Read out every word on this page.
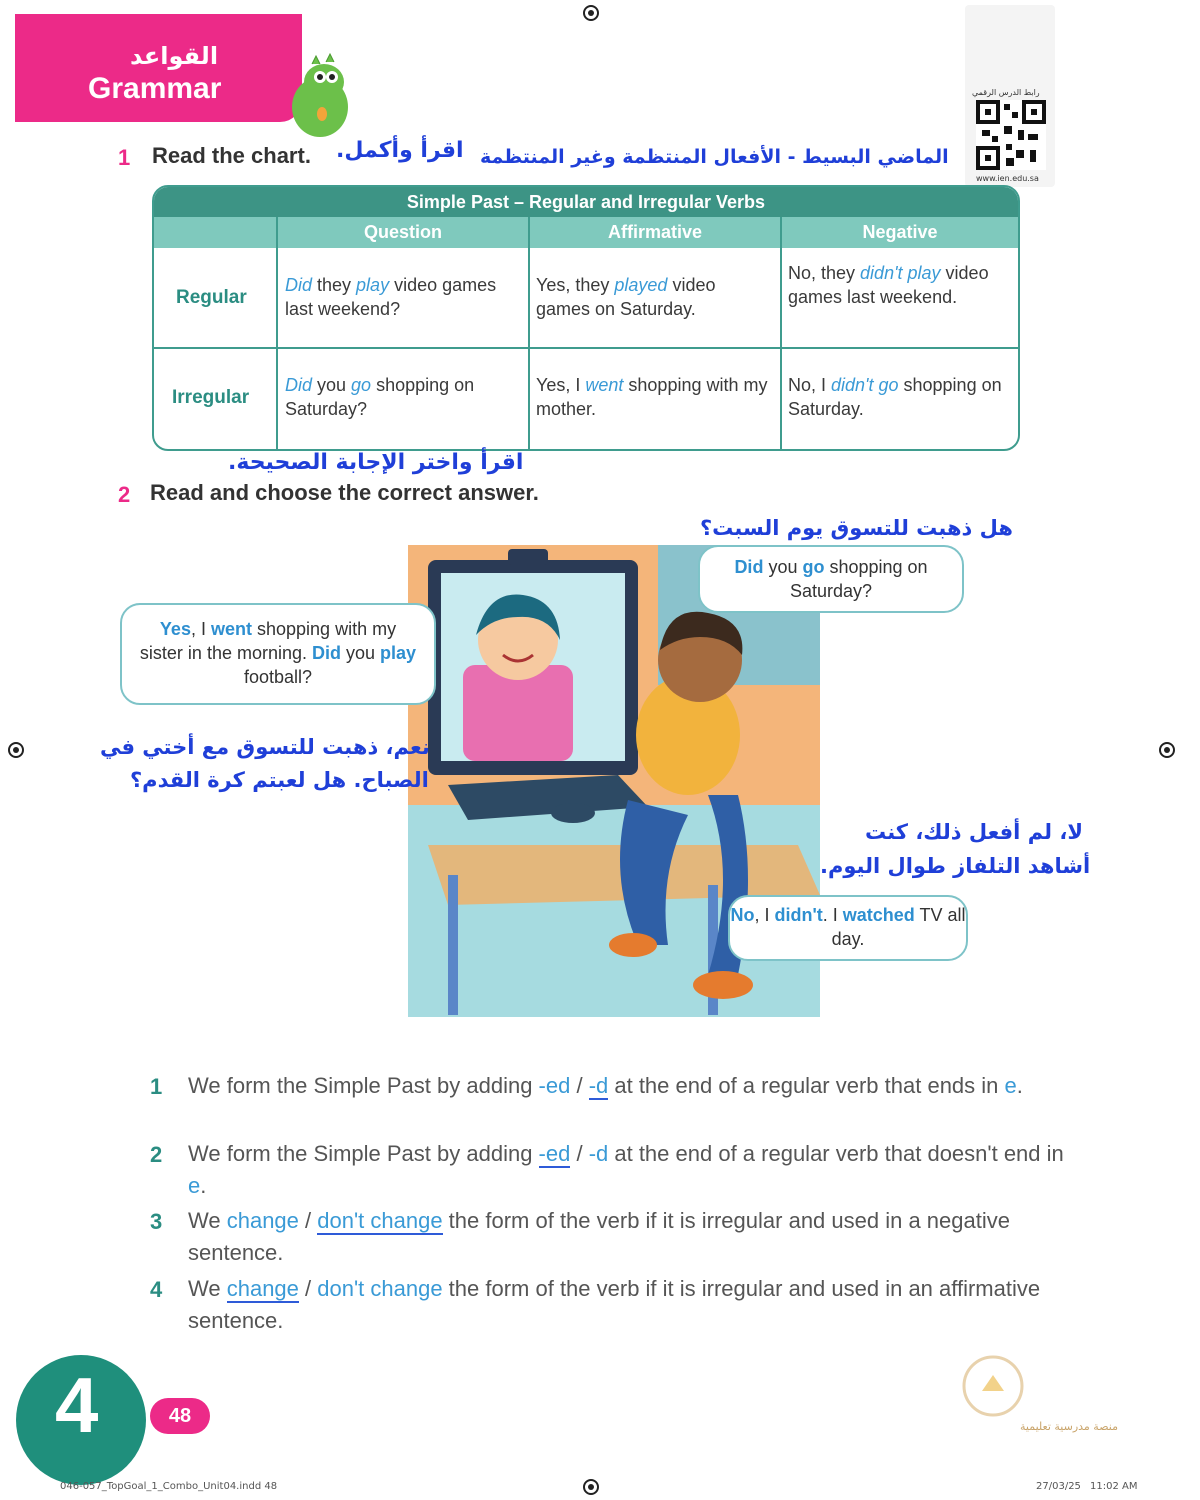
القواعد
Grammar	رابط الدرس الرقمي
www.ien.edu.sa
1 Read the chart. اقرأ وأكمل. الماضي البسيط - الأفعال المنتظمة وغير المنتظمة
Simple Past – Regular and Irregular Verbs
Question	Affirmative	Negative
Regular
Did they play video games last weekend?
Yes, they played video games on Saturday.
No, they didn't play video games last weekend.
Irregular
Did you go shopping on Saturday?
Yes, I went shopping with my mother.
No, I didn't go shopping on Saturday.
اقرأ واختر الإجابة الصحيحة.
2 Read and choose the correct answer.
Did you go shopping on Saturday?
Yes, I went shopping with my sister in the morning. Did you play football?
No, I didn't. I watched TV all day.
هل ذهبت للتسوق يوم السبت؟
نعم، ذهبت للتسوق مع أختي في
الصباح. هل لعبتم كرة القدم؟
لا، لم أفعل ذلك، كنت
أشاهد التلفاز طوال اليوم.
1 We form the Simple Past by adding -ed / -d at the end of a regular verb that ends in e.
2 We form the Simple Past by adding -ed / -d at the end of a regular verb that doesn't end in e.
3 We change / don't change the form of the verb if it is irregular and used in a negative sentence.
4 We change / don't change the form of the verb if it is irregular and used in an affirmative sentence.
4	48	منصة مدرسية تعليمية
046-057_TopGoal_1_Combo_Unit04.indd 48	27/03/25 11:02 AM
